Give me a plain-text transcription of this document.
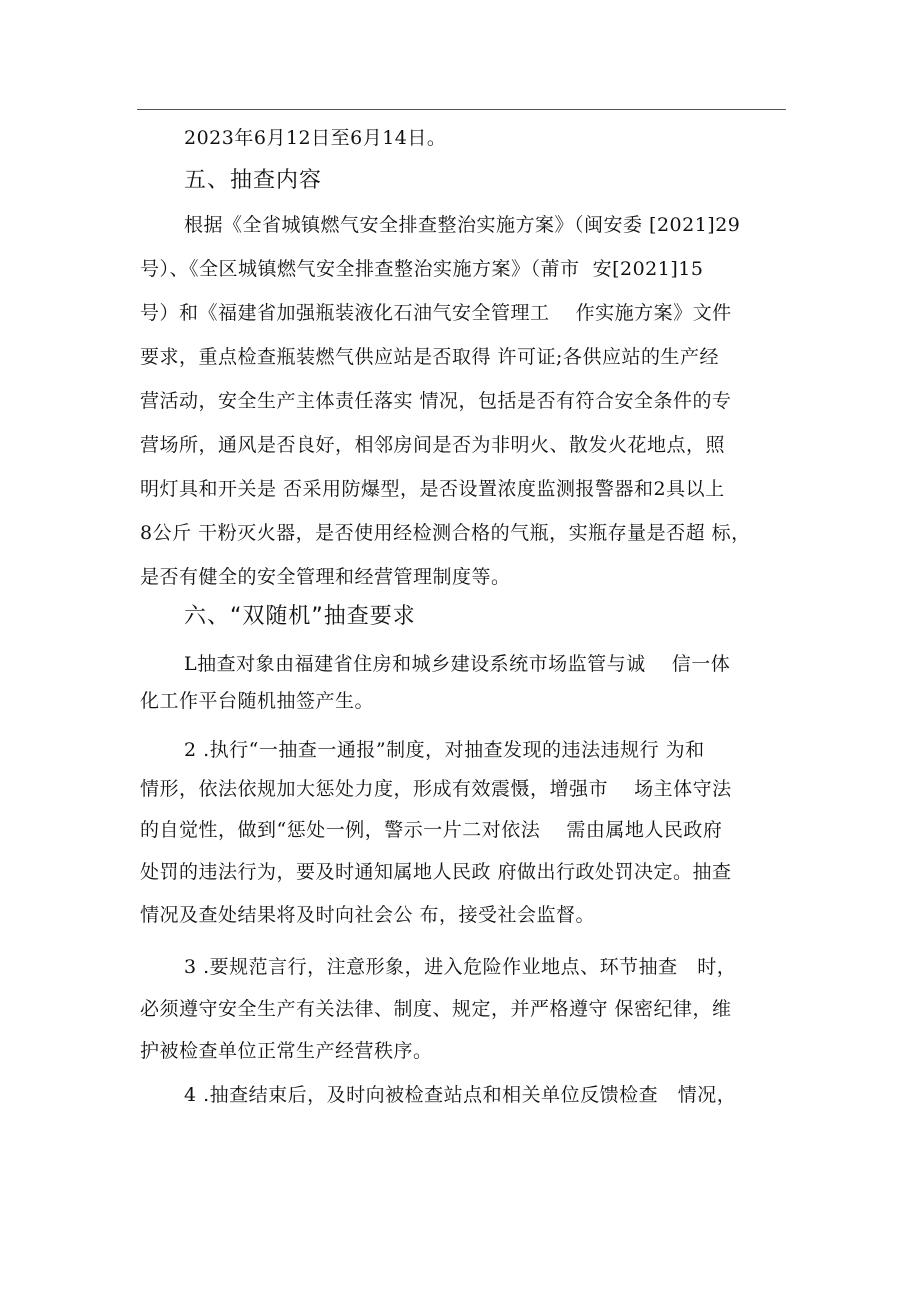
2023年6月12日至6月14日。
五、抽查内容
根据《全省城镇燃气安全排查整治实施方案》（闽安委 [2021]29
号）、《全区城镇燃气安全排查整治实施方案》（莆市  安[2021]15
号）和《福建省加强瓶装液化石油气安全管理工    作实施方案》文件
要求，重点检查瓶装燃气供应站是否取得 许可证;各供应站的生产经
营活动，安全生产主体责任落实 情况，包括是否有符合安全条件的专
营场所，通风是否良好，相邻房间是否为非明火、散发火花地点，照
明灯具和开关是 否采用防爆型，是否设置浓度监测报警器和2具以上
8公斤 干粉灭火器，是否使用经检测合格的气瓶，实瓶存量是否超 标，
是否有健全的安全管理和经营管理制度等。
六、“双随机”抽查要求
L抽查对象由福建省住房和城乡建设系统市场监管与诚    信一体
化工作平台随机抽签产生。
2 .执行“一抽查一通报”制度，对抽查发现的违法违规行 为和
情形，依法依规加大惩处力度，形成有效震慑，增强市    场主体守法
的自觉性，做到“惩处一例，警示一片二对依法    需由属地人民政府
处罚的违法行为，要及时通知属地人民政 府做出行政处罚决定。抽查
情况及查处结果将及时向社会公 布，接受社会监督。
3 .要规范言行，注意形象，进入危险作业地点、环节抽查   时，
必须遵守安全生产有关法律、制度、规定，并严格遵守 保密纪律，维
护被检查单位正常生产经营秩序。
4 .抽查结束后，及时向被检查站点和相关单位反馈检查   情况，
